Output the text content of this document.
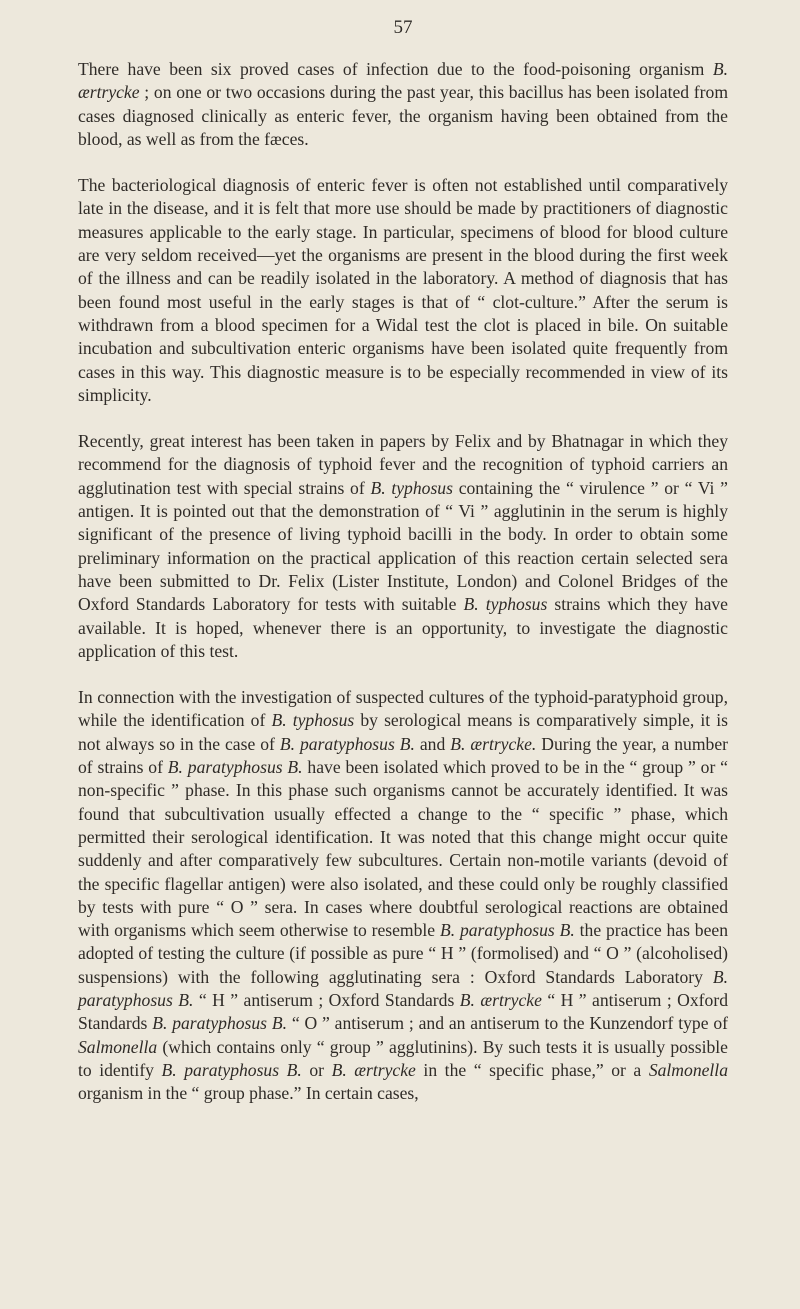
57

There have been six proved cases of infection due to the food-poisoning organism B. ærtrycke ; on one or two occasions during the past year, this bacillus has been isolated from cases diagnosed clinically as enteric fever, the organism having been obtained from the blood, as well as from the fæces.

The bacteriological diagnosis of enteric fever is often not established until comparatively late in the disease, and it is felt that more use should be made by practitioners of diagnostic measures applicable to the early stage. In particular, specimens of blood for blood culture are very seldom received—yet the organisms are present in the blood during the first week of the illness and can be readily isolated in the laboratory. A method of diagnosis that has been found most useful in the early stages is that of “ clot-culture.” After the serum is withdrawn from a blood specimen for a Widal test the clot is placed in bile. On suitable incubation and subcultivation enteric organisms have been isolated quite frequently from cases in this way. This diagnostic measure is to be especially recommended in view of its simplicity.

Recently, great interest has been taken in papers by Felix and by Bhatnagar in which they recommend for the diagnosis of typhoid fever and the recognition of typhoid carriers an agglutination test with special strains of B. typhosus containing the “ virulence ” or “ Vi ” antigen. It is pointed out that the demonstration of “ Vi ” agglutinin in the serum is highly significant of the presence of living typhoid bacilli in the body. In order to obtain some preliminary information on the practical application of this reaction certain selected sera have been submitted to Dr. Felix (Lister Institute, London) and Colonel Bridges of the Oxford Standards Laboratory for tests with suitable B. typhosus strains which they have available. It is hoped, whenever there is an opportunity, to investigate the diagnostic application of this test.

In connection with the investigation of suspected cultures of the typhoid-paratyphoid group, while the identification of B. typhosus by serological means is comparatively simple, it is not always so in the case of B. paratyphosus B. and B. ærtrycke. During the year, a number of strains of B. paratyphosus B. have been isolated which proved to be in the “ group ” or “ non-specific ” phase. In this phase such organisms cannot be accurately identified. It was found that subcultivation usually effected a change to the “ specific ” phase, which permitted their serological identification. It was noted that this change might occur quite suddenly and after comparatively few subcultures. Certain non-motile variants (devoid of the specific flagellar antigen) were also isolated, and these could only be roughly classified by tests with pure “ O ” sera. In cases where doubtful serological reactions are obtained with organisms which seem otherwise to resemble B. paratyphosus B. the practice has been adopted of testing the culture (if possible as pure “ H ” (formolised) and “ O ” (alcoholised) suspensions) with the following agglutinating sera : Oxford Standards Laboratory B. paratyphosus B. “ H ” antiserum ; Oxford Standards B. ærtrycke “ H ” antiserum ; Oxford Standards B. paratyphosus B. “ O ” antiserum ; and an antiserum to the Kunzendorf type of Salmonella (which contains only “ group ” agglutinins). By such tests it is usually possible to identify B. paratyphosus B. or B. ærtrycke in the “ specific phase,” or a Salmonella organism in the “ group phase.” In certain cases,
